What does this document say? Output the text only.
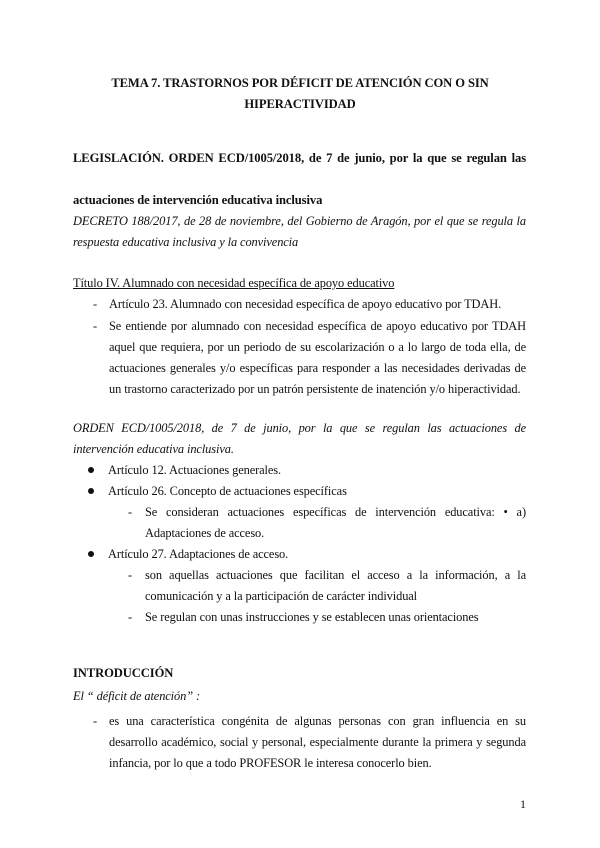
TEMA 7. TRASTORNOS POR DÉFICIT DE ATENCIÓN CON O SIN
HIPERACTIVIDAD
LEGISLACIÓN. ORDEN ECD/1005/2018, de 7 de junio, por la que se regulan las
actuaciones de intervención educativa inclusiva
DECRETO 188/2017, de 28 de noviembre, del Gobierno de Aragón, por el que se regula la
respuesta educativa inclusiva y la convivencia
Título IV. Alumnado con necesidad específica de apoyo educativo
- Artículo 23. Alumnado con necesidad específica de apoyo educativo por TDAH.
- Se entiende por alumnado con necesidad específica de apoyo educativo por TDAH
aquel que requiera, por un periodo de su escolarización o a lo largo de toda ella, de
actuaciones generales y/o específicas para responder a las necesidades derivadas de
un trastorno caracterizado por un patrón persistente de inatención y/o hiperactividad.
ORDEN ECD/1005/2018, de 7 de junio, por la que se regulan las actuaciones de
intervención educativa inclusiva.
Artículo 12. Actuaciones generales.
Artículo 26. Concepto de actuaciones específicas
- Se consideran actuaciones específicas de intervención educativa: • a)
Adaptaciones de acceso.
Artículo 27. Adaptaciones de acceso.
- son aquellas actuaciones que facilitan el acceso a la información, a la
comunicación y a la participación de carácter individual
- Se regulan con unas instrucciones y se establecen unas orientaciones
INTRODUCCIÓN
El “ déficit de atención” :
- es una característica congénita de algunas personas con gran influencia en su
desarrollo académico, social y personal, especialmente durante la primera y segunda
infancia, por lo que a todo PROFESOR le interesa conocerlo bien.
1
